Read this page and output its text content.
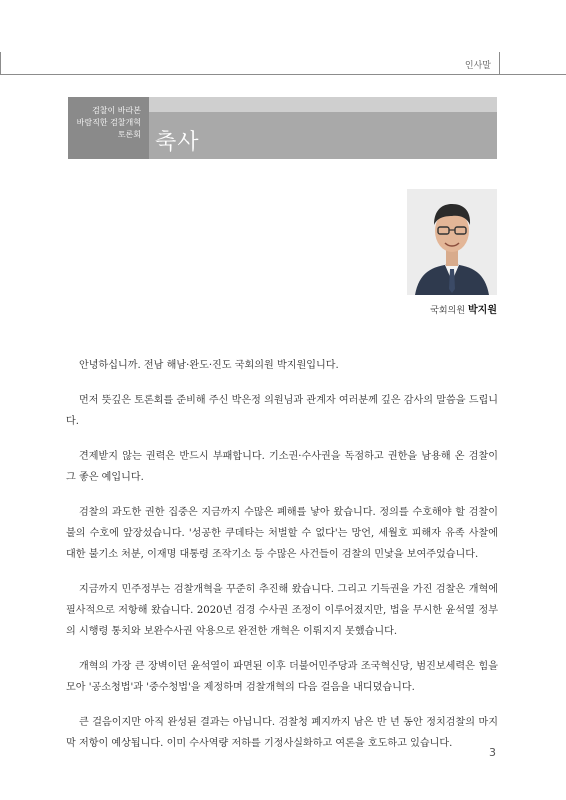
인사말
검찰이 바라본
바람직한 검찰개혁
토론회 축사
국회의원 박지원

안녕하십니까. 전남 해남·완도·진도 국회의원 박지원입니다.

먼저 뜻깊은 토론회를 준비해 주신 박은정 의원님과 관계자 여러분께 깊은 감사의 말씀을 드립니다.

견제받지 않는 권력은 반드시 부패합니다. 기소권·수사권을 독점하고 권한을 남용해 온 검찰이 그 좋은 예입니다.

검찰의 과도한 권한 집중은 지금까지 수많은 폐해를 낳아 왔습니다. 정의를 수호해야 할 검찰이 불의 수호에 앞장섰습니다. '성공한 쿠데타는 처벌할 수 없다'는 망언, 세월호 피해자 유족 사찰에 대한 불기소 처분, 이재명 대통령 조작기소 등 수많은 사건들이 검찰의 민낯을 보여주었습니다.

지금까지 민주정부는 검찰개혁을 꾸준히 추진해 왔습니다. 그리고 기득권을 가진 검찰은 개혁에 필사적으로 저항해 왔습니다. 2020년 검경 수사권 조정이 이루어졌지만, 법을 무시한 윤석열 정부의 시행령 통치와 보완수사권 악용으로 완전한 개혁은 이뤄지지 못했습니다.

개혁의 가장 큰 장벽이던 윤석열이 파면된 이후 더불어민주당과 조국혁신당, 범진보세력은 힘을 모아 '공소청법'과 '중수청법'을 제정하며 검찰개혁의 다음 걸음을 내디뎠습니다.

큰 걸음이지만 아직 완성된 결과는 아닙니다. 검찰청 폐지까지 남은 반 년 동안 정치검찰의 마지막 저항이 예상됩니다. 이미 수사역량 저하를 기정사실화하고 여론을 호도하고 있습니다.

3
